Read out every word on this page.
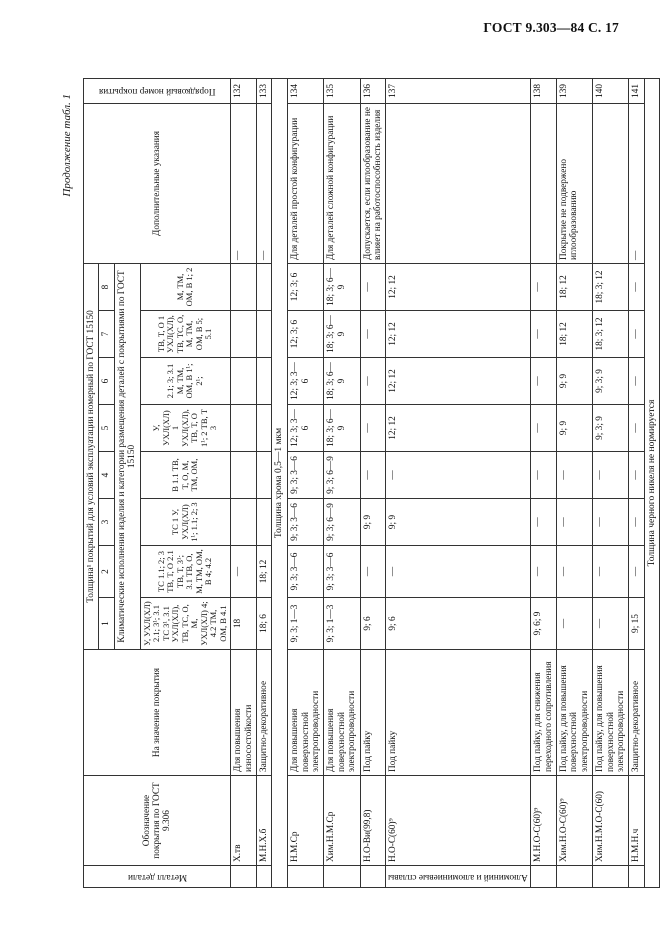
ГОСТ 9.303—84 С. 17
Продолжение табл. 1
Металл детали	Обозначение покрытия по ГОСТ 9.306	На значение покрытия	Толщина¹ покрытий для условий эксплуатации номерный по ГОСТ 15150								Дополнительные указания	Порядковый номер покрытия

			1	2	3	4	5	6	7	8		
			Климатические исполнения изделия и категории размещения деталей с покрытиями по ГОСТ 15150									
			У, УХЛ(ХЛ) 2.1; 3¹; 3.1 ТС 3¹, 3.1 УХЛ(ХЛ), ТВ, ТС, О, М, УХЛ(ХЛ) 4; 4.2 ТМ, ОМ, В 4.1	ТС 1.1; 2; 3 ТВ, Т, О 2.1 ТВ, Т, 3¹; 3.1 ТВ, О, М, ТМ, ОМ, В 4; 4.2	ТС 1 У, УХЛ(ХЛ) 1¹; 1.1; 2; 3	В 1.1 ТВ, Т, О, М, ТМ, ОМ,	У, УХЛ(ХЛ) 1 УХЛ(ХЛ), ТВ, Т, О 1¹; 2 ТВ, Т 3	2.1; 3; 3.1 М, ТМ, ОМ, В 1¹; 2¹;	ТВ, Т, О 1 УХЛ(ХЛ), ТВ, ТС, О, М, ТМ, ОМ, В 5; 5.1	М, ТМ, ОМ, В 1; 2		
	Х.тв	Для повышения износостойкости	18	—							—	132
	М.Н.Х.б	Защитно-декоративное	18; 6	18; 12							—	133
Толщина хрома 0,5—1 мкм												
	Н.М.Ср	Для повышения поверхностной электропроводности	9; 3; 1—3	9; 3; 3—6	9; 3; 3—6	9; 3; 3—6	12; 3; 3—6	12; 3; 3—6	12; 3; 6	12; 3; 6	Для деталей простой конфигурации	134
	Хим.Н.М.Ср	Для повышения поверхностной электропроводности	9; 3; 1—3	9; 3; 3—6	9; 3; 6—9	9; 3; 6—9	18; 3; 6—9	18; 3; 6—9	18; 3; 6—9	18; 3; 6—9	Для деталей сложной конфигурации	135
	Н.О-Ви(99,8)	Под пайку	9; 6	—	9; 9	—	—	—	—	—	Допускается, если иглообразование не влияет на работоспособность изделия	136

Алюминий и алюминиевые сплавы	Н.О-С(60)⁹	Под пайку	9; 6	—	9; 9	—	12; 12	12; 12	12; 12	12; 12		137
	М.Н.О-С(60)⁹	Под пайку, для снижения переходного сопротивления	9; 6; 9	—	—	—	—	—	—	—		138
	Хим.Н.О-С(60)⁹	Под пайку, для повышения поверхностной электропроводности	—	—	—	—	9; 9	9; 9	18; 12	18; 12	Покрытие не подвержено иглообразованию	139
	Хим.Н.М.О-С(60)	Под пайку, для повышения поверхностной электропроводности	—	—	—	—	9; 3; 9	9; 3; 9	18; 3; 12	18; 3; 12		140
	Н.М.Н.ч	Защитно-декоративное	9; 15	—	—	—	—	—	—	—	—	141
Толщина черного никеля не нормируется												
